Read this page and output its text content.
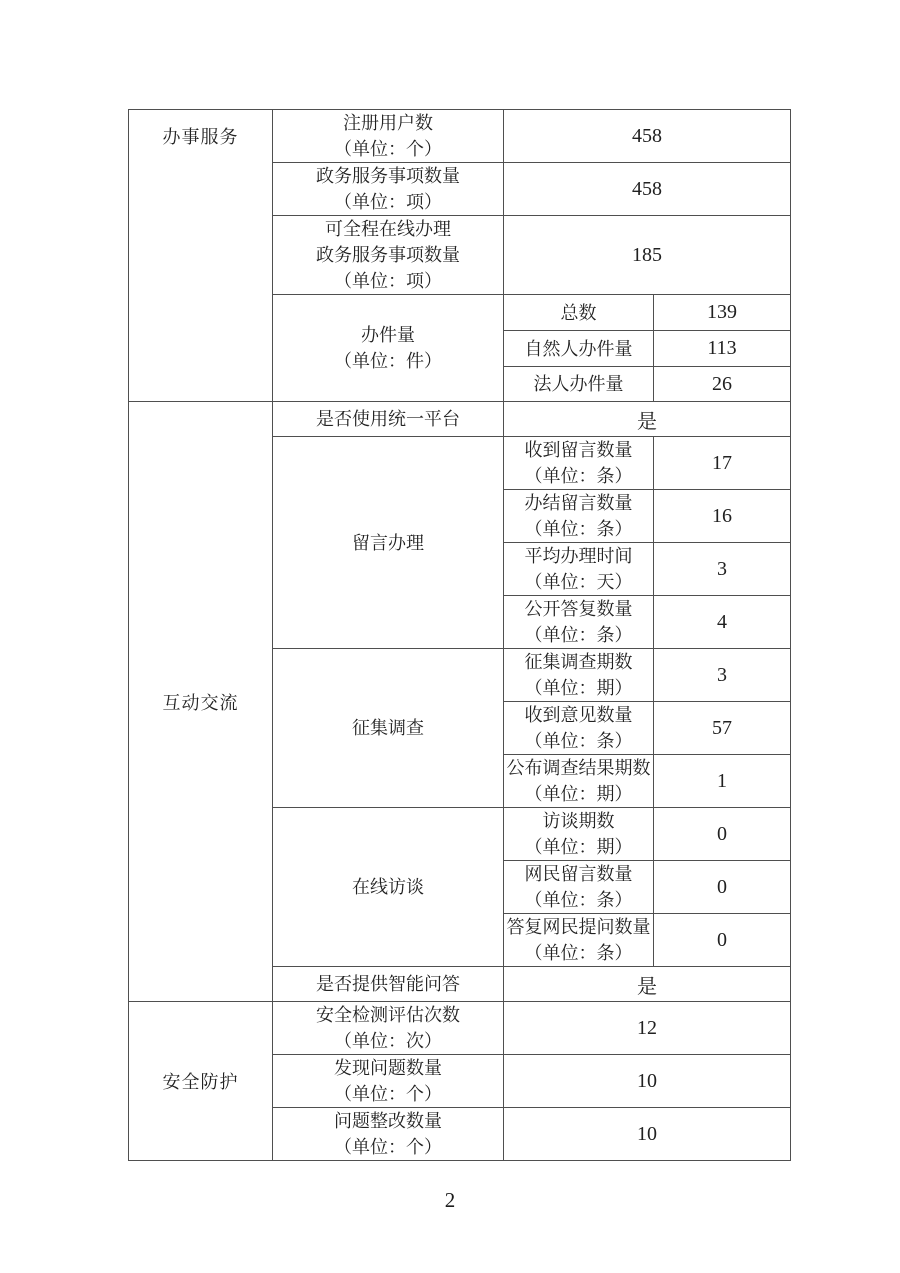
办事服务	注册用户数
（单位：个）	458	

	政务服务事项数量
（单位：项）	458	

	可全程在线办理
政务服务事项数量
（单位：项）	185	

	办件量
（单位：件）	总数	139
		自然人办件量	113
		法人办件量	26
互动交流	是否使用统一平台	是	
	留言办理	收到留言数量
（单位：条）	17

		办结留言数量
（单位：条）	16

		平均办理时间
（单位：天）	3

		公开答复数量
（单位：条）	4
	征集调查	征集调查期数
（单位：期）	3

		收到意见数量
（单位：条）	57

		公布调查结果期数
（单位：期）	1
	在线访谈	访谈期数
（单位：期）	0

		网民留言数量
（单位：条）	0

		答复网民提问数量
（单位：条）	0
	是否提供智能问答	是	
安全防护	安全检测评估次数
（单位：次）	12	

	发现问题数量
（单位：个）	10	

	问题整改数量
（单位：个）	10	
2
